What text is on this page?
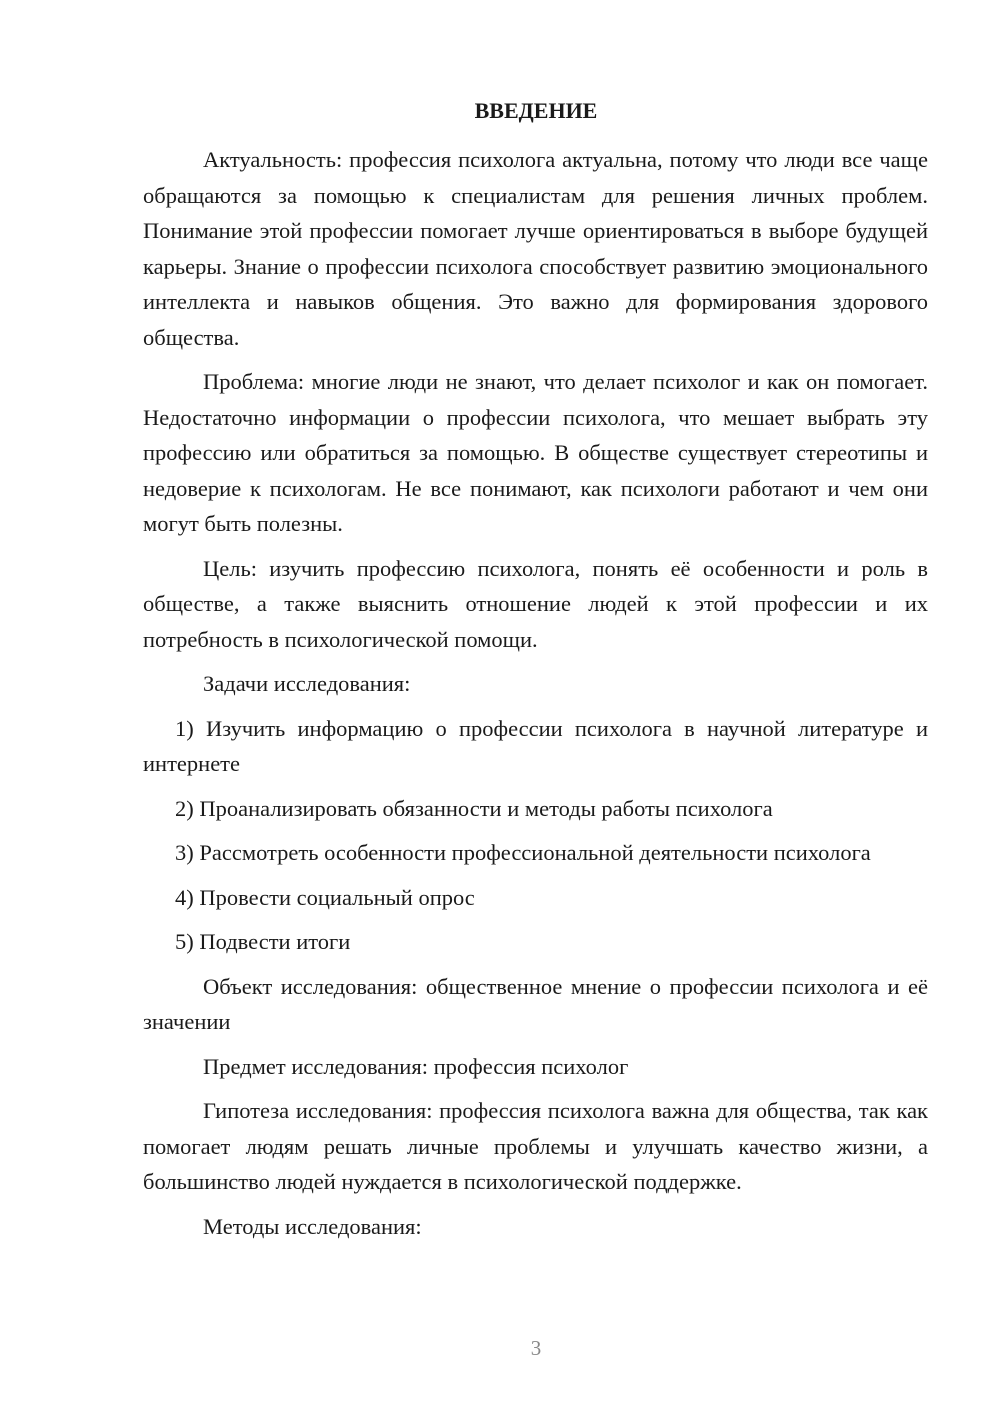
ВВЕДЕНИЕ

Актуальность: профессия психолога актуальна, потому что люди все чаще обращаются за помощью к специалистам для решения личных проблем. Понимание этой профессии помогает лучше ориентироваться в выборе будущей карьеры. Знание о профессии психолога способствует развитию эмоционального интеллекта и навыков общения. Это важно для формирования здорового общества.

Проблема: многие люди не знают, что делает психолог и как он помогает. Недостаточно информации о профессии психолога, что мешает выбрать эту профессию или обратиться за помощью. В обществе существует стереотипы и недоверие к психологам. Не все понимают, как психологи работают и чем они могут быть полезны.

Цель: изучить профессию психолога, понять её особенности и роль в обществе, а также выяснить отношение людей к этой профессии и их потребность в психологической помощи.

Задачи исследования:

1) Изучить информацию о профессии психолога в научной литературе и интернете

2) Проанализировать обязанности и методы работы психолога

3) Рассмотреть особенности профессиональной деятельности психолога

4) Провести социальный опрос

5) Подвести итоги

Объект исследования: общественное мнение о профессии психолога и её значении

Предмет исследования: профессия психолог

Гипотеза исследования: профессия психолога важна для общества, так как помогает людям решать личные проблемы и улучшать качество жизни, а большинство людей нуждается в психологической поддержке.

Методы исследования:

3
